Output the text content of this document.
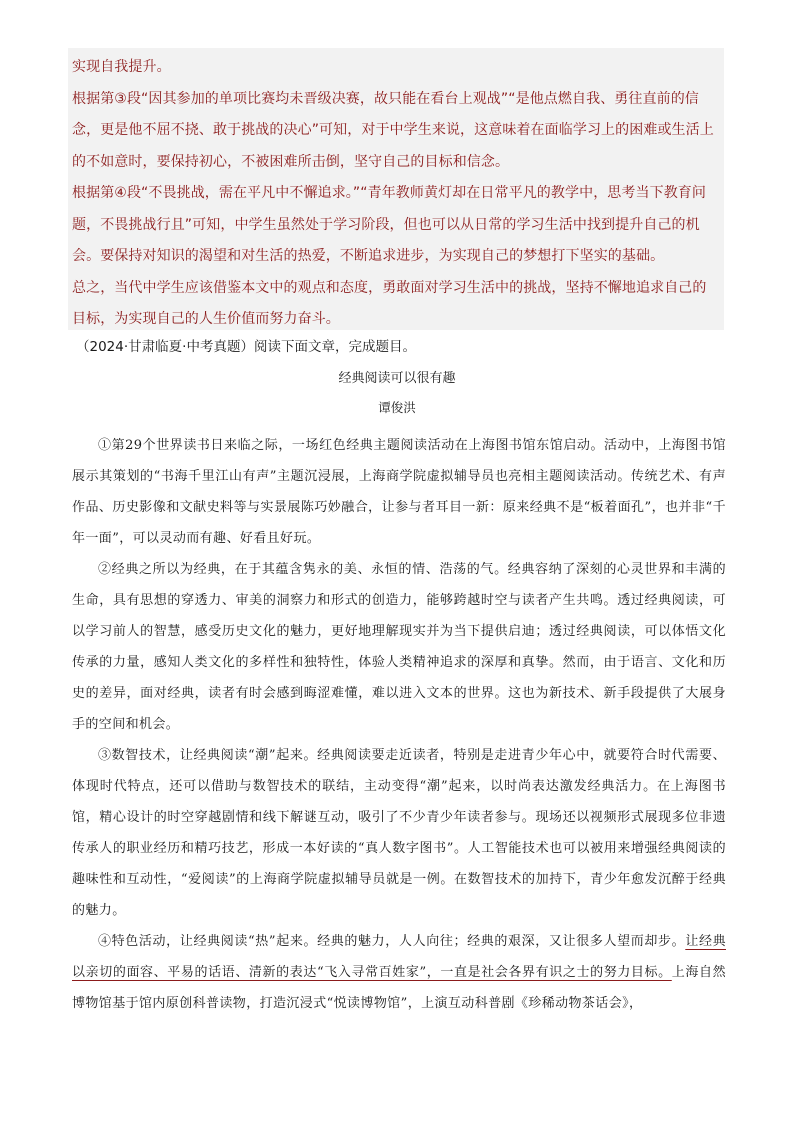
实现自我提升。

根据第③段“因其参加的单项比赛均未晋级决赛，故只能在看台上观战”“是他点燃自我、勇往直前的信念，更是他不屈不挠、敢于挑战的决心”可知，对于中学生来说，这意味着在面临学习上的困难或生活上的不如意时，要保持初心，不被困难所击倒，坚守自己的目标和信念。

根据第④段“不畏挑战，需在平凡中不懈追求。”“青年教师黄灯却在日常平凡的教学中，思考当下教育问题，不畏挑战行且”可知，中学生虽然处于学习阶段，但也可以从日常的学习生活中找到提升自己的机会。要保持对知识的渴望和对生活的热爱，不断追求进步，为实现自己的梦想打下坚实的基础。

总之，当代中学生应该借鉴本文中的观点和态度，勇敢面对学习生活中的挑战，坚持不懈地追求自己的目标，为实现自己的人生价值而努力奋斗。

（2024·甘肃临夏·中考真题）阅读下面文章，完成题目。
经典阅读可以很有趣
谭俊洪

①第29个世界读书日来临之际，一场红色经典主题阅读活动在上海图书馆东馆启动。活动中，上海图书馆展示其策划的“书海千里江山有声”主题沉浸展，上海商学院虚拟辅导员也亮相主题阅读活动。传统艺术、有声作品、历史影像和文献史料等与实景展陈巧妙融合，让参与者耳目一新：原来经典不是“板着面孔”，也并非“千年一面”，可以灵动而有趣、好看且好玩。

②经典之所以为经典，在于其蕴含隽永的美、永恒的情、浩荡的气。经典容纳了深刻的心灵世界和丰满的生命，具有思想的穿透力、审美的洞察力和形式的创造力，能够跨越时空与读者产生共鸣。透过经典阅读，可以学习前人的智慧，感受历史文化的魅力，更好地理解现实并为当下提供启迪；透过经典阅读，可以体悟文化传承的力量，感知人类文化的多样性和独特性，体验人类精神追求的深厚和真挚。然而，由于语言、文化和历史的差异，面对经典，读者有时会感到晦涩难懂，难以进入文本的世界。这也为新技术、新手段提供了大展身手的空间和机会。

③数智技术，让经典阅读“潮”起来。经典阅读要走近读者，特别是走进青少年心中，就要符合时代需要、体现时代特点，还可以借助与数智技术的联结，主动变得“潮”起来，以时尚表达激发经典活力。在上海图书馆，精心设计的时空穿越剧情和线下解谜互动，吸引了不少青少年读者参与。现场还以视频形式展现多位非遗传承人的职业经历和精巧技艺，形成一本好读的“真人数字图书”。人工智能技术也可以被用来增强经典阅读的趣味性和互动性，“爱阅读”的上海商学院虚拟辅导员就是一例。在数智技术的加持下，青少年愈发沉醉于经典的魅力。

④特色活动，让经典阅读“热”起来。经典的魅力，人人向往；经典的艰深，又让很多人望而却步。让经典以亲切的面容、平易的话语、清新的表达“飞入寻常百姓家”，一直是社会各界有识之士的努力目标。上海自然博物馆基于馆内原创科普读物，打造沉浸式“悦读博物馆”，上演互动科普剧《珍稀动物茶话会》，
